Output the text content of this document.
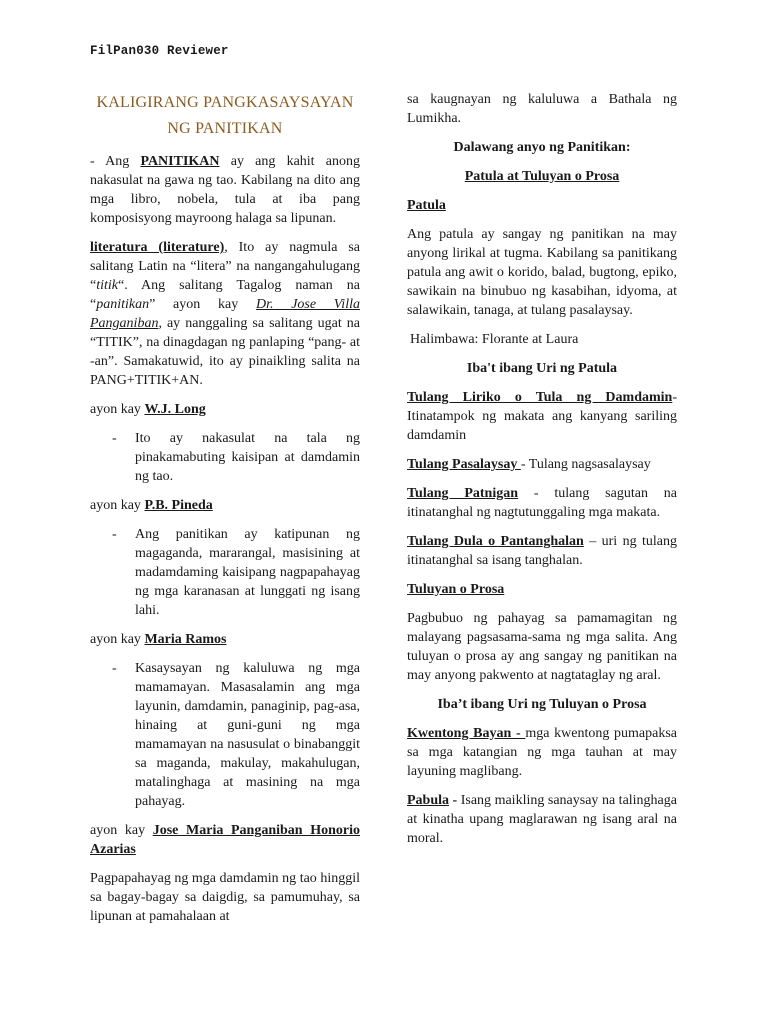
FilPan030 Reviewer
KALIGIRANG PANGKASAYSAYAN
NG PANITIKAN

- Ang PANITIKAN ay ang kahit anong nakasulat na gawa ng tao. Kabilang na dito ang mga libro, nobela, tula at iba pang komposisyong mayroong halaga sa lipunan.

literatura (literature), Ito ay nagmula sa salitang Latin na “litera” na nangangahulugang “titik“. Ang salitang Tagalog naman na “panitikan” ayon kay Dr. Jose Villa Panganiban, ay nanggaling sa salitang ugat na “TITIK”, na dinagdagan ng panlaping “pang- at -an”. Samakatuwid, ito ay pinaikling salita na PANG+TITIK+AN.

ayon kay W.J. Long
-	Ito ay nakasulat na tala ng pinakamabuting kaisipan at damdamin ng tao.
ayon kay P.B. Pineda
-	Ang panitikan ay katipunan ng magaganda, mararangal, masisining at madamdaming kaisipang nagpapahayag ng mga karanasan at lunggati ng isang lahi.
ayon kay Maria Ramos
-	Kasaysayan ng kaluluwa ng mga mamamayan. Masasalamin ang mga layunin, damdamin, panaginip, pag-asa, hinaing at guni-guni ng mga mamamayan na nasusulat o binabanggit sa maganda, makulay, makahulugan, matalinghaga at masining na mga pahayag.

ayon kay Jose Maria Panganiban Honorio Azarias

Pagpapahayag ng mga damdamin ng tao hinggil sa bagay-bagay sa daigdig, sa pamumuhay, sa lipunan at pamahalaan at

sa kaugnayan ng kaluluwa a Bathala ng Lumikha.

Dalawang anyo ng Panitikan:
Patula at Tuluyan o Prosa
Patula

Ang patula ay sangay ng panitikan na may anyong lirikal at tugma. Kabilang sa panitikang patula ang awit o korido, balad, bugtong, epiko, sawikain na binubuo ng kasabihan, idyoma, at salawikain, tanaga, at tulang pasalaysay.

Halimbawa: Florante at Laura

Iba't ibang Uri ng Patula

Tulang Liriko o Tula ng Damdamin- Itinatampok ng makata ang kanyang sariling damdamin

Tulang Pasalaysay - Tulang nagsasalaysay

Tulang Patnigan - tulang sagutan na itinatanghal ng nagtutunggaling mga makata.

Tulang Dula o Pantanghalan – uri ng tulang itinatanghal sa isang tanghalan.

Tuluyan o Prosa

Pagbubuo ng pahayag sa pamamagitan ng malayang pagsasama-sama ng mga salita. Ang tuluyan o prosa ay ang sangay ng panitikan na may anyong pakwento at nagtataglay ng aral.

Iba’t ibang Uri ng Tuluyan o Prosa

Kwentong Bayan - mga kwentong pumapaksa sa mga katangian ng mga tauhan at may layuning maglibang.

Pabula - Isang maikling sanaysay na talinghaga at kinatha upang maglarawan ng isang aral na moral.
